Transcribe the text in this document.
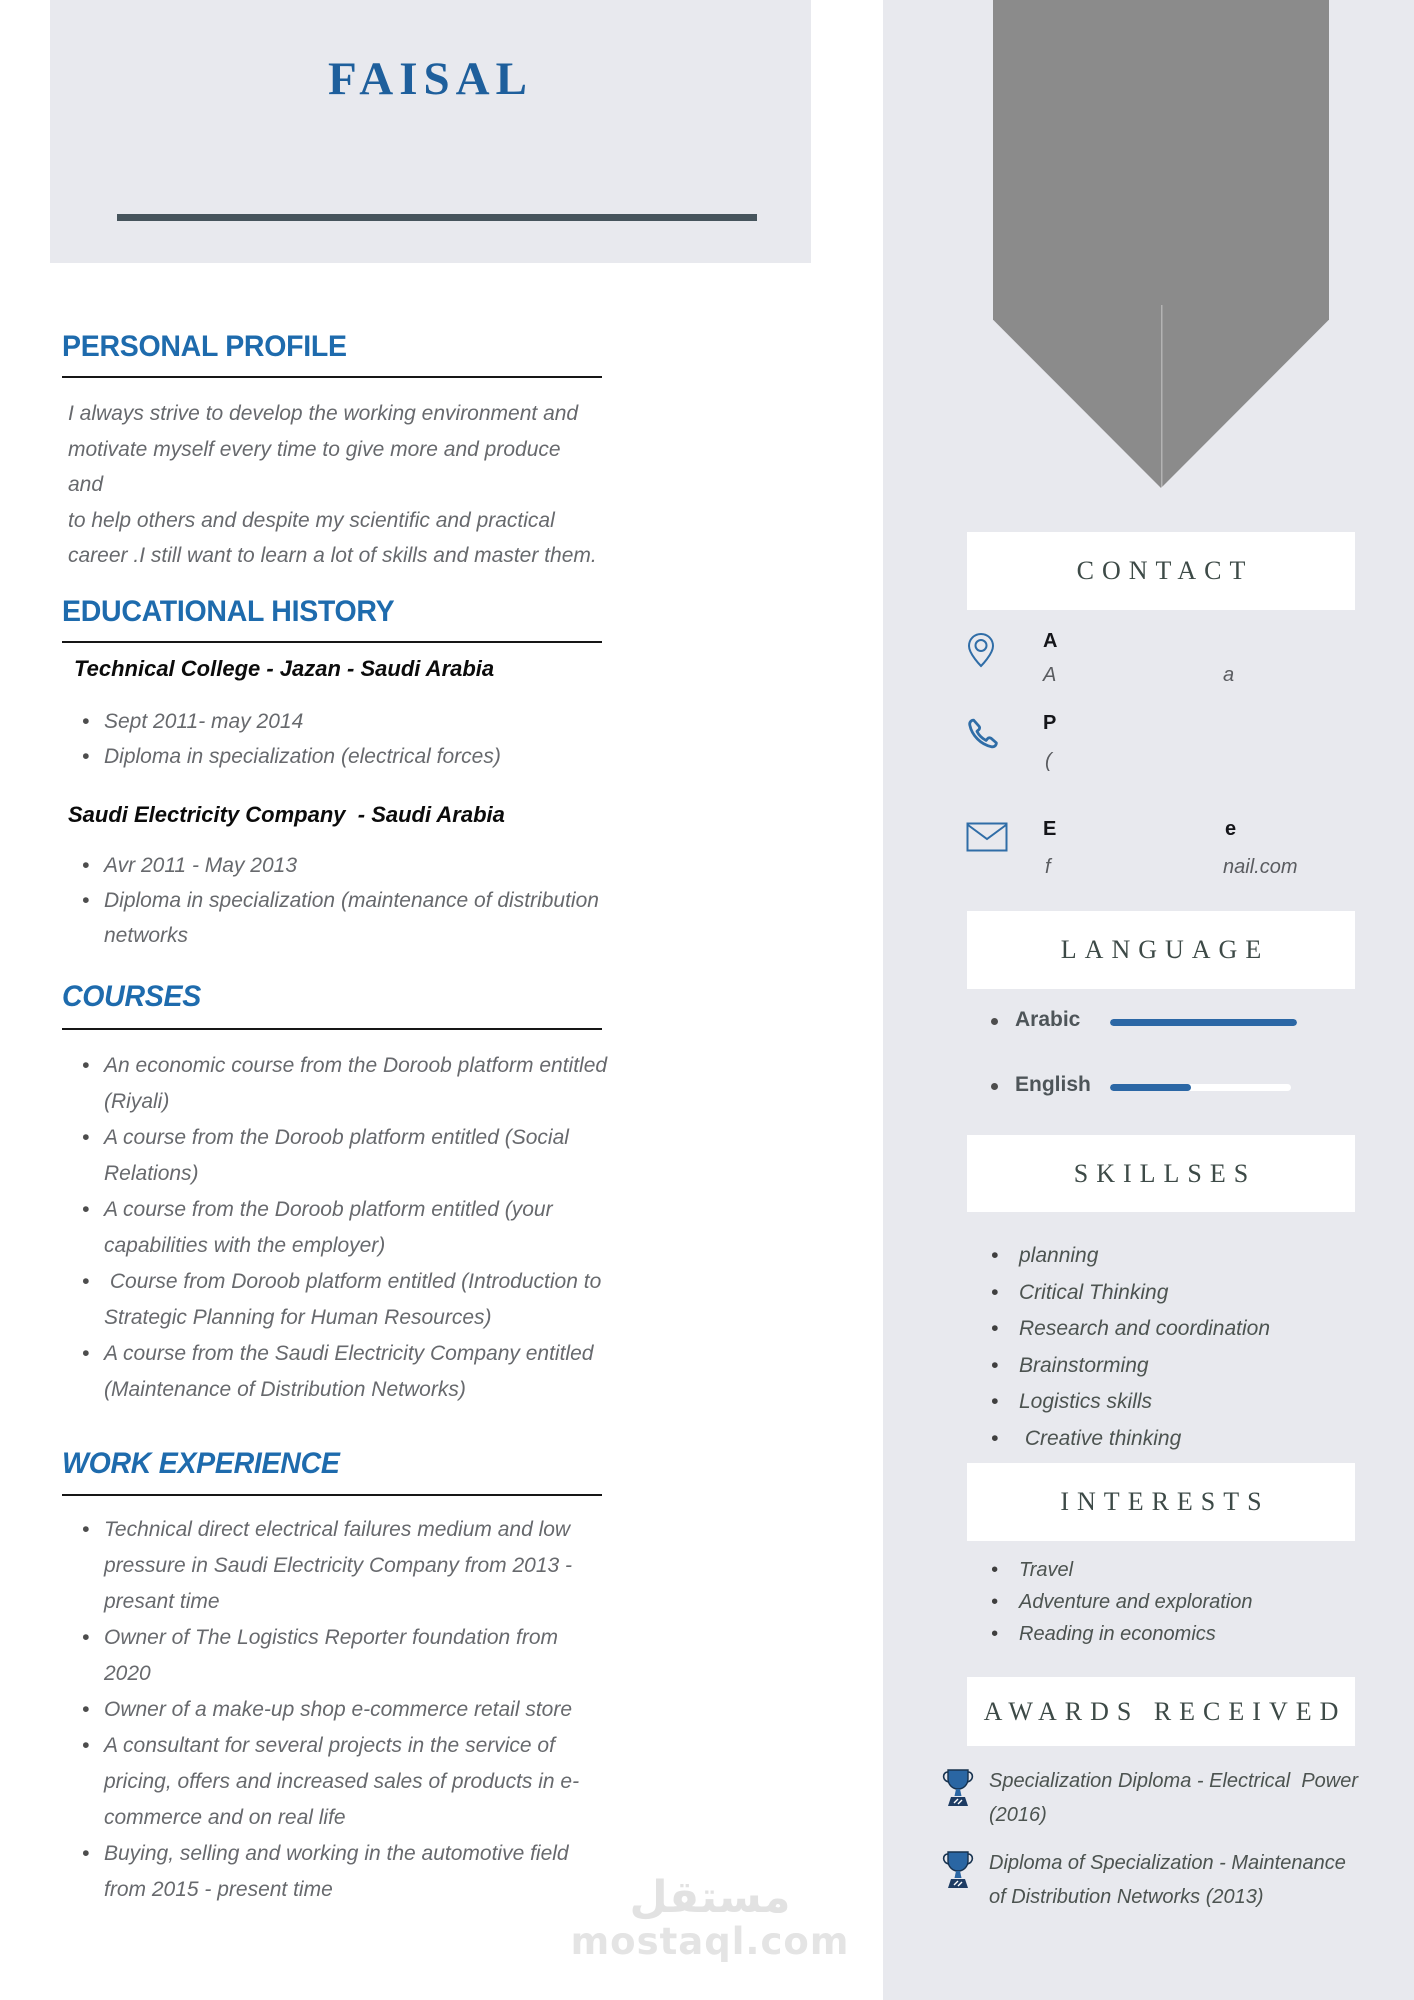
FAISAL
PERSONAL PROFILE
I always strive to develop the working environment and
motivate myself every time to give more and produce and
to help others and despite my scientific and practical
career .I still want to learn a lot of skills and master them.
EDUCATIONAL HISTORY
Technical College - Jazan - Saudi Arabia
• Sept 2011- may 2014
• Diploma in specialization (electrical forces)
Saudi Electricity Company  - Saudi Arabia
• Avr 2011 - May 2013
• Diploma in specialization (maintenance of distribution
networks
COURSES
• An economic course from the Doroob platform entitled
(Riyali)
• A course from the Doroob platform entitled (Social
Relations)
• A course from the Doroob platform entitled (your
capabilities with the employer)
•  Course from Doroob platform entitled (Introduction to
Strategic Planning for Human Resources)
• A course from the Saudi Electricity Company entitled
(Maintenance of Distribution Networks)
WORK EXPERIENCE
• Technical direct electrical failures medium and low
pressure in Saudi Electricity Company from 2013 -
presant time
• Owner of The Logistics Reporter foundation from
2020
• Owner of a make-up shop e-commerce retail store
• A consultant for several projects in the service of
pricing, offers and increased sales of products in e-
commerce and on real life
• Buying, selling and working in the automotive field
from 2015 - present time	مستقل
mostaql.com
CONTACT
A
A	a
P
(
E	e
f	nail.com
LANGUAGE
Arabic
English
SKILLSES
• planning
• Critical Thinking
• Research and coordination
• Brainstorming
• Logistics skills
•  Creative thinking
INTERESTS
• Travel
• Adventure and exploration
• Reading in economics
AWARDS RECEIVED
Specialization Diploma - Electrical  Power
(2016)
Diploma of Specialization - Maintenance
of Distribution Networks (2013)
